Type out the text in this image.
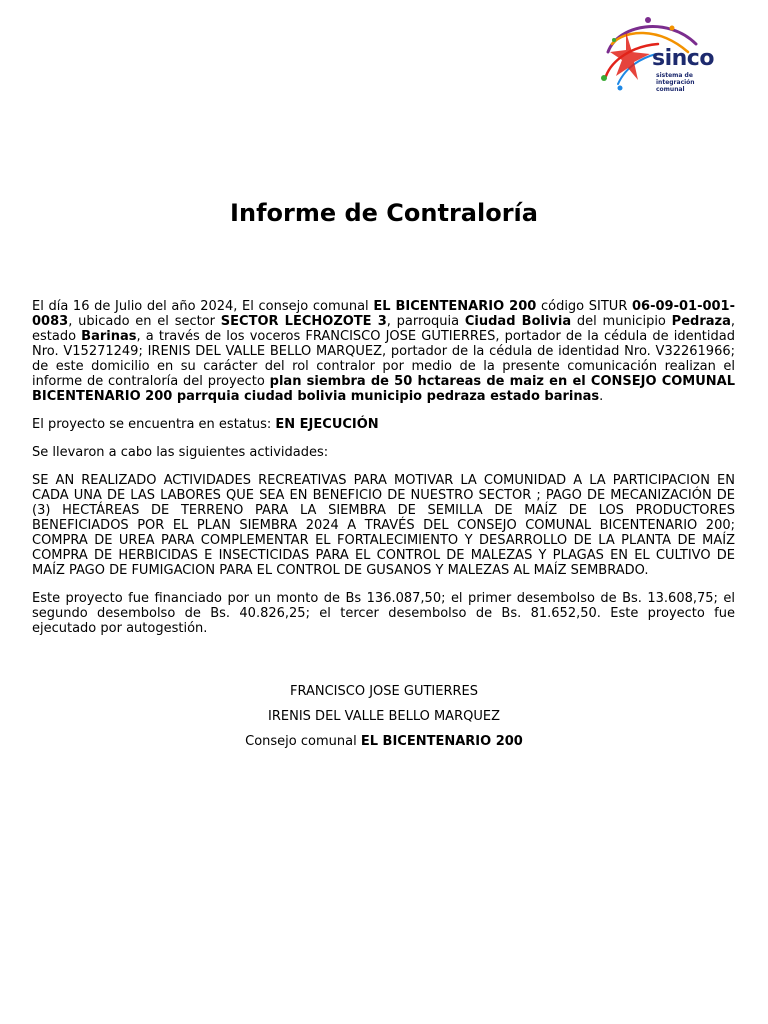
sinco
sistema de
integración
comunal
Informe de Contraloría

El día 16 de Julio del año 2024, El consejo comunal EL BICENTENARIO 200 código SITUR 06-09-01-001-0083, ubicado en el sector SECTOR LECHOZOTE 3, parroquia Ciudad Bolivia del municipio Pedraza, estado Barinas, a través de los voceros FRANCISCO JOSE GUTIERRES, portador de la cédula de identidad Nro. V15271249; IRENIS DEL VALLE BELLO MARQUEZ, portador de la cédula de identidad Nro. V32261966; de este domicilio en su carácter del rol contralor por medio de la presente comunicación realizan el informe de contraloría del proyecto plan siembra de 50 hctareas de maiz en el CONSEJO COMUNAL BICENTENARIO 200 parrquia ciudad bolivia municipio pedraza estado barinas.

El proyecto se encuentra en estatus: EN EJECUCIÓN

Se llevaron a cabo las siguientes actividades:

SE AN REALIZADO ACTIVIDADES RECREATIVAS PARA MOTIVAR LA COMUNIDAD A LA PARTICIPACION EN CADA UNA DE LAS LABORES QUE SEA EN BENEFICIO DE NUESTRO SECTOR ; PAGO DE MECANIZACIÓN DE (3) HECTÁREAS DE TERRENO PARA LA SIEMBRA DE SEMILLA DE MAÍZ DE LOS PRODUCTORES BENEFICIADOS POR EL PLAN SIEMBRA 2024 A TRAVÉS DEL CONSEJO COMUNAL BICENTENARIO 200; COMPRA DE UREA PARA COMPLEMENTAR EL FORTALECIMIENTO Y DESARROLLO DE LA PLANTA DE MAÍZ COMPRA DE HERBICIDAS E INSECTICIDAS PARA EL CONTROL DE MALEZAS Y PLAGAS EN EL CULTIVO DE MAÍZ PAGO DE FUMIGACION PARA EL CONTROL DE GUSANOS Y MALEZAS AL MAÍZ SEMBRADO.

Este proyecto fue financiado por un monto de Bs 136.087,50; el primer desembolso de Bs. 13.608,75; el segundo desembolso de Bs. 40.826,25; el tercer desembolso de Bs. 81.652,50. Este proyecto fue ejecutado por autogestión.

FRANCISCO JOSE GUTIERRES
IRENIS DEL VALLE BELLO MARQUEZ
Consejo comunal EL BICENTENARIO 200
